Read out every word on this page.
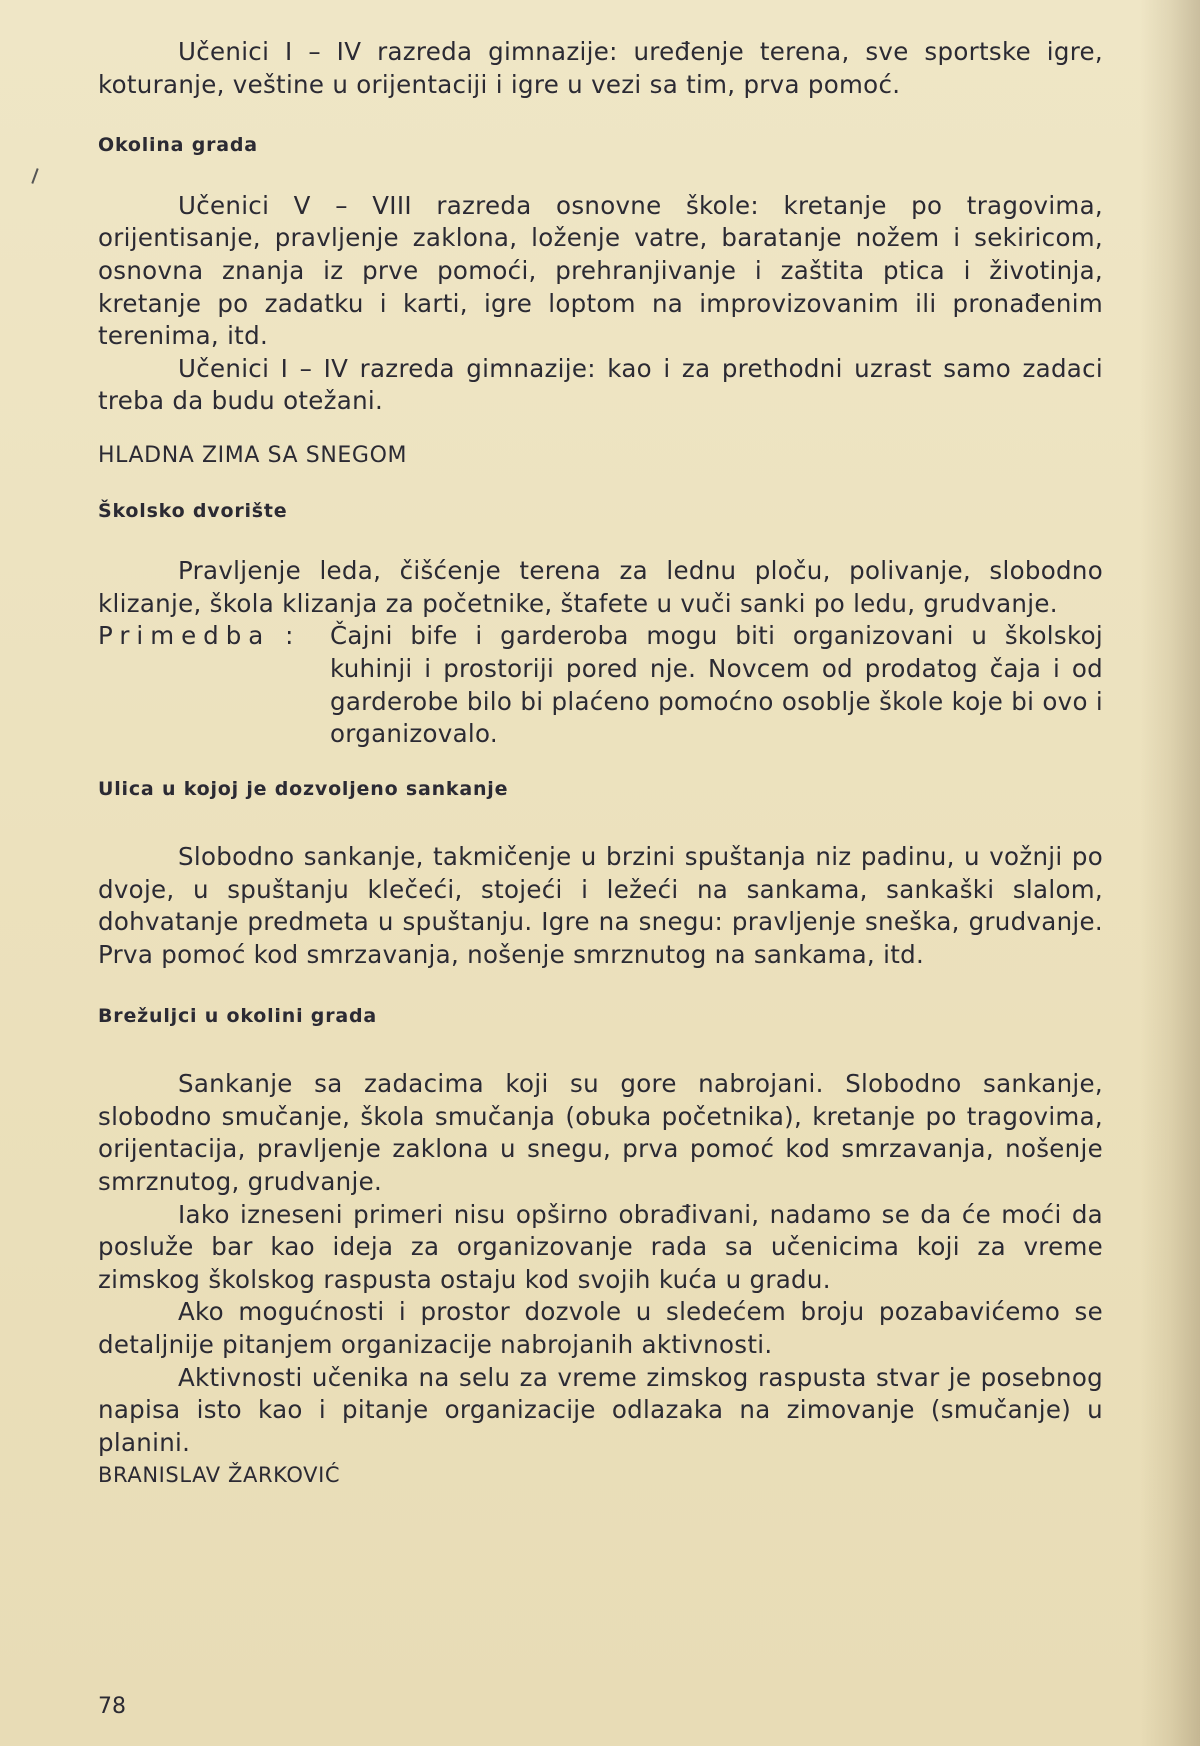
Učenici I – IV razreda gimnazije: uređenje terena, sve sportske igre, koturanje, veštine u orijentaciji i igre u vezi sa tim, prva pomoć.

Okolina grada

Učenici V – VIII razreda osnovne škole: kretanje po tragovima, orijentisanje, pravljenje zaklona, loženje vatre, baratanje nožem i sekiricom, osnovna znanja iz prve pomoći, prehranjivanje i zaštita ptica i životinja, kretanje po zadatku i karti, igre loptom na improvizovanim ili pronađenim terenima, itd.

Učenici I – IV razreda gimnazije: kao i za prethodni uzrast samo zadaci treba da budu otežani.

HLADNA ZIMA SA SNEGOM

Školsko dvorište

Pravljenje leda, čišćenje terena za lednu ploču, polivanje, slobodno klizanje, škola klizanja za početnike, štafete u vuči sanki po ledu, grudvanje.

Primedba :	Čajni bife i garderoba mogu biti organizovani u školskoj kuhinji i prostoriji pored nje. Novcem od prodatog čaja i od garderobe bilo bi plaćeno pomoćno osoblje škole koje bi ovo i organizovalo.

Ulica u kojoj je dozvoljeno sankanje

Slobodno sankanje, takmičenje u brzini spuštanja niz padinu, u vožnji po dvoje, u spuštanju klečeći, stojeći i ležeći na sankama, sankaški slalom, dohvatanje predmeta u spuštanju. Igre na snegu: pravljenje sneška, grudvanje. Prva pomoć kod smrzavanja, nošenje smrznutog na sankama, itd.

Brežuljci u okolini grada

Sankanje sa zadacima koji su gore nabrojani. Slobodno sankanje, slobodno smučanje, škola smučanja (obuka početnika), kretanje po tragovima, orijentacija, pravljenje zaklona u snegu, prva pomoć kod smrzavanja, nošenje smrznutog, grudvanje.

Iako izneseni primeri nisu opširno obrađivani, nadamo se da će moći da posluže bar kao ideja za organizovanje rada sa učenicima koji za vreme zimskog školskog raspusta ostaju kod svojih kuća u gradu.

Ako mogućnosti i prostor dozvole u sledećem broju pozabavićemo se detaljnije pitanjem organizacije nabrojanih aktivnosti.

Aktivnosti učenika na selu za vreme zimskog raspusta stvar je posebnog napisa isto kao i pitanje organizacije odlazaka na zimovanje (smučanje) u planini.

BRANISLAV ŽARKOVIĆ

78
